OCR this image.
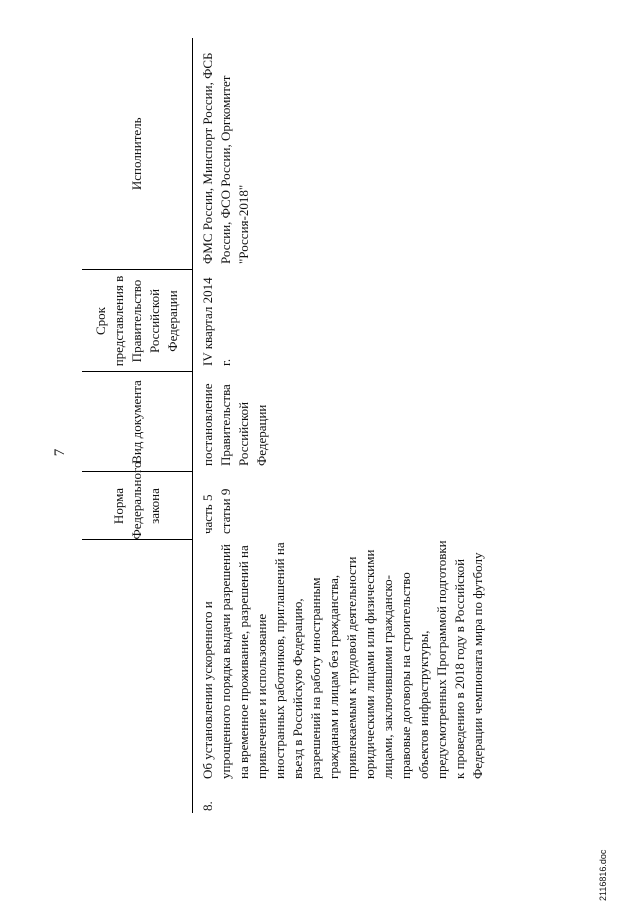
7
		Норма Федерального закона	Вид документа	Срок представления в Правительство Российской Федерации	Исполнитель
8.	Об установлении ускоренного и упрощенного порядка выдачи разрешений на временное проживание, разрешений на привлечение и использование иностранных работников, приглашений на въезд в Российскую Федерацию, разрешений на работу иностранным гражданам и лицам без гражданства, привлекаемым к трудовой деятельности юридическими лицами или физическими лицами, заключившими гражданско-правовые договоры на строительство объектов инфраструктуры, предусмотренных Программой подготовки к проведению в 2018 году в Российской Федерации чемпионата мира по футболу	часть 5 статьи 9	постановление Правительства Российской Федерации	IV квартал 2014 г.	ФМС России, Минспорт России, ФСБ России, ФСО России, Оргкомитет "Россия-2018"
2116816.doc
